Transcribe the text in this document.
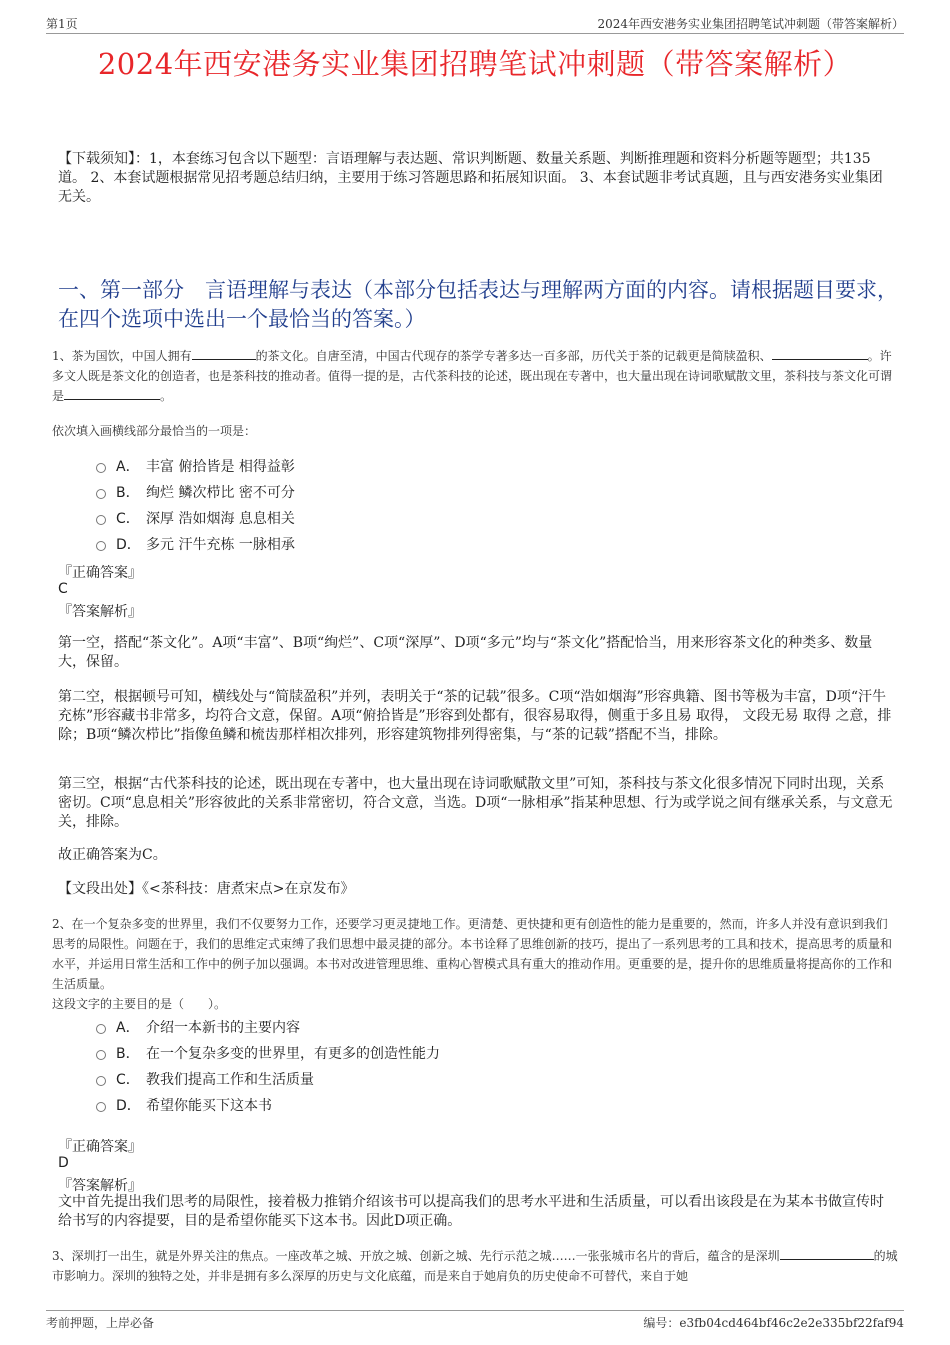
第1页	2024年西安港务实业集团招聘笔试冲刺题（带答案解析）
2024年西安港务实业集团招聘笔试冲刺题（带答案解析）

【下载须知】：1，本套练习包含以下题型：言语理解与表达题、常识判断题、数量关系题、判断推理题和资料分析题等题型；共135道。 2、本套试题根据常见招考题总结归纳，主要用于练习答题思路和拓展知识面。 3、本套试题非考试真题，且与西安港务实业集团无关。

一、第一部分　言语理解与表达（本部分包括表达与理解两方面的内容。请根据题目要求，在四个选项中选出一个最恰当的答案。）

1、茶为国饮，中国人拥有	的茶文化。自唐至清，中国古代现存的茶学专著多达一百多部，历代关于茶的记载更是简牍盈积、	。许多文人既是茶文化的创造者，也是茶科技的推动者。值得一提的是，古代茶科技的论述，既出现在专著中，也大量出现在诗词歌赋散文里，茶科技与茶文化可谓是	。

依次填入画横线部分最恰当的一项是：

A． 丰富 俯拾皆是 相得益彰
B． 绚烂 鳞次栉比 密不可分
C． 深厚 浩如烟海 息息相关
D． 多元 汗牛充栋 一脉相承
『正确答案』
C
『答案解析』

第一空，搭配“茶文化”。A项“丰富”、B项“绚烂”、C项“深厚”、D项“多元”均与“茶文化”搭配恰当，用来形容茶文化的种类多、数量大，保留。

第二空，根据顿号可知，横线处与“简牍盈积”并列，表明关于“茶的记载”很多。C项“浩如烟海”形容典籍、图书等极为丰富，D项“汗牛充栋”形容藏书非常多，均符合文意，保留。A项“俯拾皆是”形容到处都有，很容易取得，侧重于多且易 取得， 文段无易 取得 之意，排除；B项“鳞次栉比”指像鱼鳞和梳齿那样相次排列，形容建筑物排列得密集，与“茶的记载”搭配不当，排除。

第三空，根据“古代茶科技的论述，既出现在专著中，也大量出现在诗词歌赋散文里”可知，茶科技与茶文化很多情况下同时出现，关系密切。C项“息息相关”形容彼此的关系非常密切，符合文意，当选。D项“一脉相承”指某种思想、行为或学说之间有继承关系，与文意无关，排除。

故正确答案为C。

【文段出处】《<茶科技：唐煮宋点>在京发布》

2、在一个复杂多变的世界里，我们不仅要努力工作，还要学习更灵捷地工作。更清楚、更快捷和更有创造性的能力是重要的，然而，许多人并没有意识到我们思考的局限性。问题在于，我们的思维定式束缚了我们思想中最灵捷的部分。本书诠释了思维创新的技巧，提出了一系列思考的工具和技术，提高思考的质量和水平，并运用日常生活和工作中的例子加以强调。本书对改进管理思维、重构心智模式具有重大的推动作用。更重要的是，提升你的思维质量将提高你的工作和生活质量。

这段文字的主要目的是（　　）。

A． 介绍一本新书的主要内容
B． 在一个复杂多变的世界里，有更多的创造性能力
C． 教我们提高工作和生活质量
D． 希望你能买下这本书
『正确答案』
D
『答案解析』

文中首先提出我们思考的局限性，接着极力推销介绍该书可以提高我们的思考水平进和生活质量，可以看出该段是在为某本书做宣传时给书写的内容提要，目的是希望你能买下这本书。因此D项正确。

3、深圳打一出生，就是外界关注的焦点。一座改革之城、开放之城、创新之城、先行示范之城……一张张城市名片的背后，蕴含的是深圳	的城市影响力。深圳的独特之处，并非是拥有多么深厚的历史与文化底蕴，而是来自于她肩负的历史使命不可替代，来自于她

考前押题，上岸必备	编号：e3fb04cd464bf46c2e2e335bf22faf94
